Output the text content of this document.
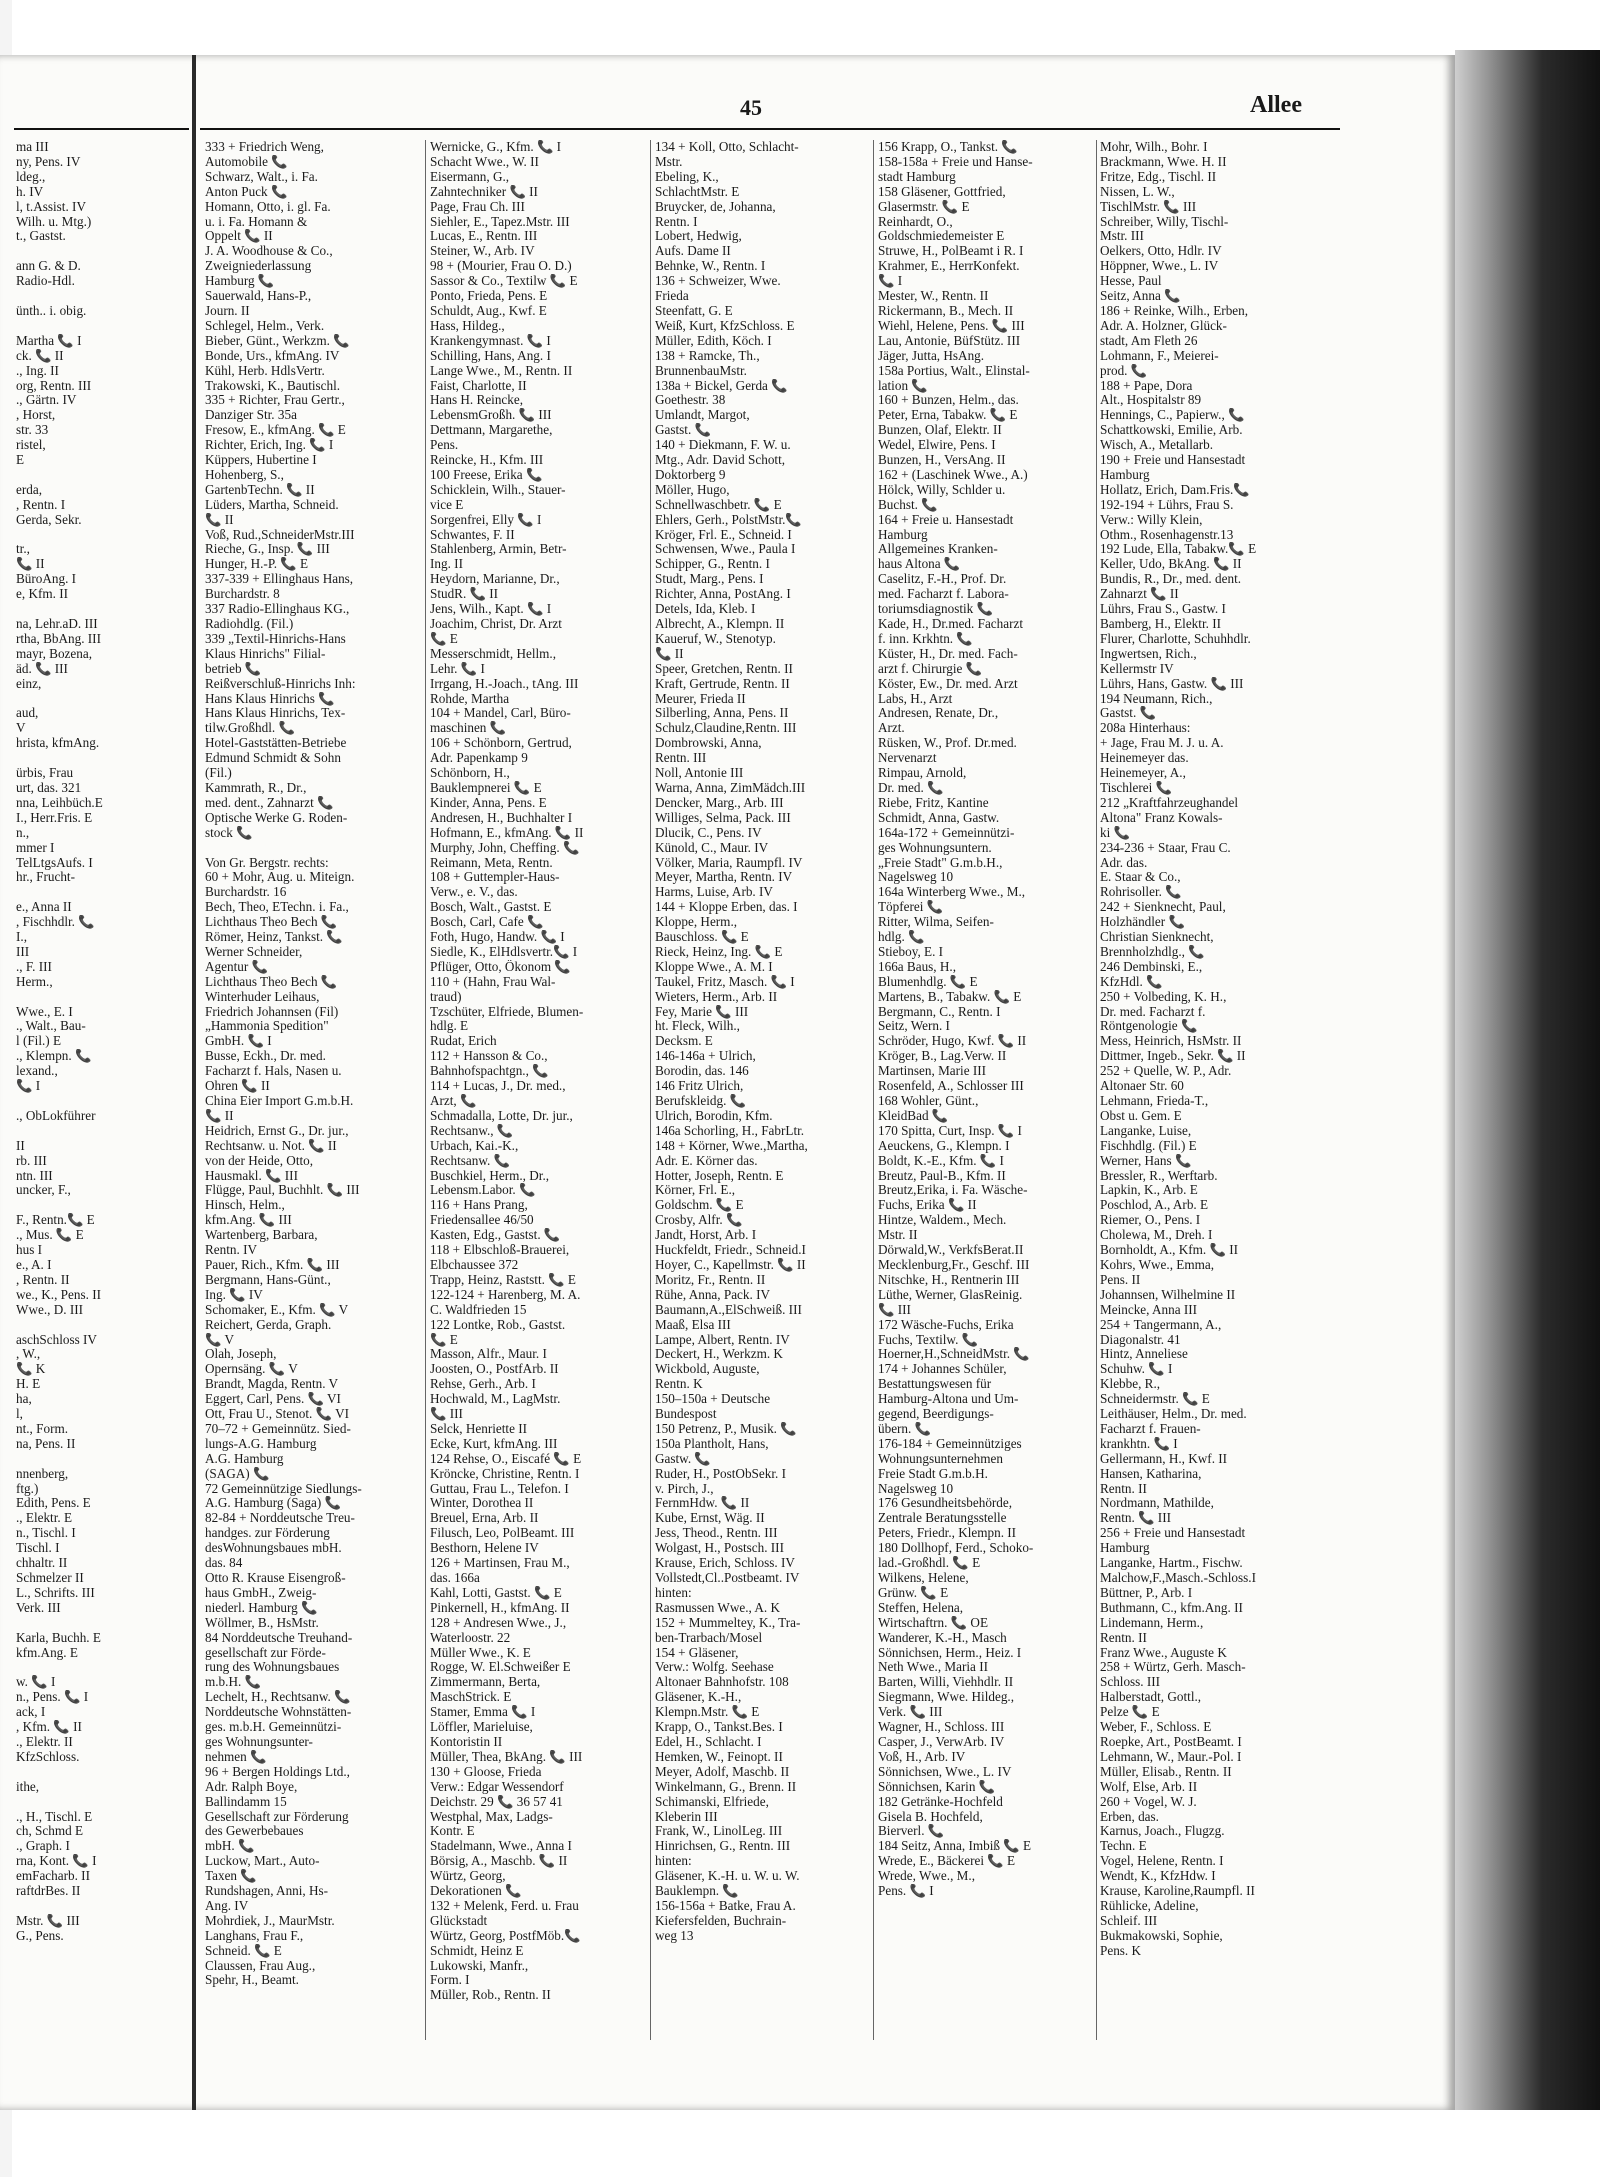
45	Allee

ma III

ny, Pens. IV

ldeg.,

h. IV

l, t.Assist. IV

Wilh. u. Mtg.)

t., Gastst.

ann G. & D.

Radio-Hdl.

ünth.. i. obig.

Martha 📞 I

ck. 📞 II

., Ing. II

org, Rentn. III

., Gärtn. IV

, Horst,

str. 33

ristel,

E

erda,

, Rentn. I

Gerda, Sekr.

tr.,

📞 II

BüroAng. I

e, Kfm. II

na, Lehr.aD. III

rtha, BbAng. III

mayr, Bozena,

äd. 📞 III

einz,

aud,

V

hrista, kfmAng.

ürbis, Frau

urt, das. 321

nna, Leihbüch.E

I., Herr.Fris. E

n.,

mmer I

TelLtgsAufs. I

hr., Frucht-

e., Anna II

, Fischhdlr. 📞

I.,

III

., F. III

Herm.,

Wwe., E. I

., Walt., Bau-

l (Fil.) E

., Klempn. 📞

lexand.,

📞 I

., ObLokführer

II

rb. III

ntn. III

uncker, F.,

F., Rentn.📞 E

., Mus. 📞 E

hus I

e., A. I

, Rentn. II

we., K., Pens. II

Wwe., D. III

aschSchloss IV

, W.,

📞 K

H. E

ha,

l,

nt., Form.

na, Pens. II

nnenberg,

ftg.)

Edith, Pens. E

., Elektr. E

n., Tischl. I

Tischl. I

chhaltr. II

Schmelzer II

L., Schrifts. III

Verk. III

Karla, Buchh. E

kfm.Ang. E

w. 📞 I

n., Pens. 📞 I

ack, I

, Kfm. 📞 II

., Elektr. II

KfzSchloss.

ithe,

., H., Tischl. E

ch, Schmd E

., Graph. I

rna, Kont. 📞 I

emFacharb. II

raftdrBes. II

Mstr. 📞 III

G., Pens.

333 + Friedrich Weng,

Automobile 📞

Schwarz, Walt., i. Fa.

Anton Puck 📞

Homann, Otto, i. gl. Fa.

u. i. Fa. Homann &

Oppelt 📞 II

J. A. Woodhouse & Co.,

Zweigniederlassung

Hamburg 📞

Sauerwald, Hans-P.,

Journ. II

Schlegel, Helm., Verk.

Bieber, Günt., Werkzm. 📞

Bonde, Urs., kfmAng. IV

Kühl, Herb. HdlsVertr.

Trakowski, K., Bautischl.

335 + Richter, Frau Gertr.,

Danziger Str. 35a

Fresow, E., kfmAng. 📞 E

Richter, Erich, Ing. 📞 I

Küppers, Hubertine I

Hohenberg, S.,

GartenbTechn. 📞 II

Lüders, Martha, Schneid.

📞 II

Voß, Rud.,SchneiderMstr.III

Rieche, G., Insp. 📞 III

Hunger, H.-P. 📞 E

337-339 + Ellinghaus Hans,

Burchardstr. 8

337 Radio-Ellinghaus KG.,

Radiohdlg. (Fil.)

339 „Textil-Hinrichs-Hans

Klaus Hinrichs" Filial-

betrieb 📞

Reißverschluß-Hinrichs Inh:

Hans Klaus Hinrichs 📞

Hans Klaus Hinrichs, Tex-

tilw.Großhdl. 📞

Hotel-Gaststätten-Betriebe

Edmund Schmidt & Sohn

(Fil.)

Kammrath, R., Dr.,

med. dent., Zahnarzt 📞

Optische Werke G. Roden-

stock 📞

Von Gr. Bergstr. rechts:

60 + Mohr, Aug. u. Miteign.

Burchardstr. 16

Bech, Theo, ETechn. i. Fa.,

Lichthaus Theo Bech 📞

Römer, Heinz, Tankst. 📞

Werner Schneider,

Agentur 📞

Lichthaus Theo Bech 📞

Winterhuder Leihaus,

Friedrich Johannsen (Fil)

„Hammonia Spedition"

GmbH. 📞 I

Busse, Eckh., Dr. med.

Facharzt f. Hals, Nasen u.

Ohren 📞 II

China Eier Import G.m.b.H.

📞 II

Heidrich, Ernst G., Dr. jur.,

Rechtsanw. u. Not. 📞 II

von der Heide, Otto,

Hausmakl. 📞 III

Flügge, Paul, Buchhlt. 📞 III

Hinsch, Helm.,

kfm.Ang. 📞 III

Wartenberg, Barbara,

Rentn. IV

Pauer, Rich., Kfm. 📞 III

Bergmann, Hans-Günt.,

Ing. 📞 IV

Schomaker, E., Kfm. 📞 V

Reichert, Gerda, Graph.

📞 V

Olah, Joseph,

Opernsäng. 📞 V

Brandt, Magda, Rentn. V

Eggert, Carl, Pens. 📞 VI

Ott, Frau U., Stenot. 📞 VI

70–72 + Gemeinnütz. Sied-

lungs-A.G. Hamburg

A.G. Hamburg

(SAGA) 📞

72 Gemeinnützige Siedlungs-

A.G. Hamburg (Saga) 📞

82-84 + Norddeutsche Treu-

handges. zur Förderung

desWohnungsbaues mbH.

das. 84

Otto R. Krause Eisengroß-

haus GmbH., Zweig-

niederl. Hamburg 📞

Wöllmer, B., HsMstr.

84 Norddeutsche Treuhand-

gesellschaft zur Förde-

rung des Wohnungsbaues

m.b.H. 📞

Lechelt, H., Rechtsanw. 📞

Norddeutsche Wohnstätten-

ges. m.b.H. Gemeinnützi-

ges Wohnungsunter-

nehmen 📞

96 + Bergen Holdings Ltd.,

Adr. Ralph Boye,

Ballindamm 15

Gesellschaft zur Förderung

des Gewerbebaues

mbH. 📞

Luckow, Mart., Auto-

Taxen 📞

Rundshagen, Anni, Hs-

Ang. IV

Mohrdiek, J., MaurMstr.

Langhans, Frau F.,

Schneid. 📞 E

Claussen, Frau Aug.,

Spehr, H., Beamt.

Wernicke, G., Kfm. 📞 I

Schacht Wwe., W. II

Eisermann, G.,

Zahntechniker 📞 II

Page, Frau Ch. III

Siehler, E., Tapez.Mstr. III

Lucas, E., Rentn. III

Steiner, W., Arb. IV

98 + (Mourier, Frau O. D.)

Sassor & Co., Textilw 📞 E

Ponto, Frieda, Pens. E

Schuldt, Aug., Kwf. E

Hass, Hildeg.,

Krankengymnast. 📞 I

Schilling, Hans, Ang. I

Lange Wwe., M., Rentn. II

Faist, Charlotte, II

Hans H. Reincke,

LebensmGroßh. 📞 III

Dettmann, Margarethe,

Pens.

Reincke, H., Kfm. III

100 Freese, Erika 📞

Schicklein, Wilh., Stauer-

vice E

Sorgenfrei, Elly 📞 I

Schwantes, F. II

Stahlenberg, Armin, Betr-

Ing. II

Heydorn, Marianne, Dr.,

StudR. 📞 II

Jens, Wilh., Kapt. 📞 I

Joachim, Christ, Dr. Arzt

📞 E

Messerschmidt, Hellm.,

Lehr. 📞 I

Irrgang, H.-Joach., tAng. III

Rohde, Martha

104 + Mandel, Carl, Büro-

maschinen 📞

106 + Schönborn, Gertrud,

Adr. Papenkamp 9

Schönborn, H.,

Bauklempnerei 📞 E

Kinder, Anna, Pens. E

Andresen, H., Buchhalter I

Hofmann, E., kfmAng. 📞 II

Murphy, John, Cheffing. 📞

Reimann, Meta, Rentn.

108 + Guttempler-Haus-

Verw., e. V., das.

Bosch, Walt., Gastst. E

Bosch, Carl, Cafe 📞

Foth, Hugo, Handw. 📞 I

Siedle, K., ElHdlsvertr.📞 I

Pflüger, Otto, Ökonom 📞

110 + (Hahn, Frau Wal-

traud)

Tzschüter, Elfriede, Blumen-

hdlg. E

Rudat, Erich

112 + Hansson & Co.,

Bahnhofspachtgn., 📞

114 + Lucas, J., Dr. med.,

Arzt, 📞

Schmadalla, Lotte, Dr. jur.,

Rechtsanw., 📞

Urbach, Kai.-K.,

Rechtsanw. 📞

Buschkiel, Herm., Dr.,

Lebensm.Labor. 📞

116 + Hans Prang,

Friedensallee 46/50

Kasten, Edg., Gastst. 📞

118 + Elbschloß-Brauerei,

Elbchaussee 372

Trapp, Heinz, Raststt. 📞 E

122-124 + Harenberg, M. A.

C. Waldfrieden 15

122 Lontke, Rob., Gastst.

📞 E

Masson, Alfr., Maur. I

Joosten, O., PostfArb. II

Rehse, Gerh., Arb. I

Hochwald, M., LagMstr.

📞 III

Selck, Henriette II

Ecke, Kurt, kfmAng. III

124 Rehse, O., Eiscafé 📞 E

Kröncke, Christine, Rentn. I

Guttau, Frau L., Telefon. I

Winter, Dorothea II

Breuel, Erna, Arb. II

Filusch, Leo, PolBeamt. III

Besthorn, Helene IV

126 + Martinsen, Frau M.,

das. 166a

Kahl, Lotti, Gastst. 📞 E

Pinkernell, H., kfmAng. II

128 + Andresen Wwe., J.,

Waterloostr. 22

Müller Wwe., K. E

Rogge, W. El.Schweißer E

Zimmermann, Berta,

MaschStrick. E

Stamer, Emma 📞 I

Löffler, Marieluise,

Kontoristin II

Müller, Thea, BkAng. 📞 III

130 + Gloose, Frieda

Verw.: Edgar Wessendorf

Deichstr. 29 📞 36 57 41

Westphal, Max, Ladgs-

Kontr. E

Stadelmann, Wwe., Anna I

Börsig, A., Maschb. 📞 II

Würtz, Georg,

Dekorationen 📞

132 + Melenk, Ferd. u. Frau

Glückstadt

Würtz, Georg, PostfMöb.📞

Schmidt, Heinz E

Lukowski, Manfr.,

Form. I

Müller, Rob., Rentn. II

134 + Koll, Otto, Schlacht-

Mstr.

Ebeling, K.,

SchlachtMstr. E

Bruycker, de, Johanna,

Rentn. I

Lobert, Hedwig,

Aufs. Dame II

Behnke, W., Rentn. I

136 + Schweizer, Wwe.

Frieda

Steenfatt, G. E

Weiß, Kurt, KfzSchloss. E

Müller, Edith, Köch. I

138 + Ramcke, Th.,

BrunnenbauMstr.

138a + Bickel, Gerda 📞

Goethestr. 38

Umlandt, Margot,

Gastst. 📞

140 + Diekmann, F. W. u.

Mtg., Adr. David Schott,

Doktorberg 9

Möller, Hugo,

Schnellwaschbetr. 📞 E

Ehlers, Gerh., PolstMstr.📞

Kröger, Frl. E., Schneid. I

Schwensen, Wwe., Paula I

Schipper, G., Rentn. I

Studt, Marg., Pens. I

Richter, Anna, PostAng. I

Detels, Ida, Kleb. I

Albrecht, A., Klempn. II

Kaueruf, W., Stenotyp.

📞 II

Speer, Gretchen, Rentn. II

Kraft, Gertrude, Rentn. II

Meurer, Frieda II

Silberling, Anna, Pens. II

Schulz,Claudine,Rentn. III

Dombrowski, Anna,

Rentn. III

Noll, Antonie III

Warna, Anna, ZimMädch.III

Dencker, Marg., Arb. III

Williges, Selma, Pack. III

Dlucik, C., Pens. IV

Künold, C., Maur. IV

Völker, Maria, Raumpfl. IV

Meyer, Martha, Rentn. IV

Harms, Luise, Arb. IV

144 + Kloppe Erben, das. I

Kloppe, Herm.,

Bauschloss. 📞 E

Rieck, Heinz, Ing. 📞 E

Kloppe Wwe., A. M. I

Taukel, Fritz, Masch. 📞 I

Wieters, Herm., Arb. II

Fey, Marie 📞 III

ht. Fleck, Wilh.,

Decksm. E

146-146a + Ulrich,

Borodin, das. 146

146 Fritz Ulrich,

Berufskleidg. 📞

Ulrich, Borodin, Kfm.

146a Schorling, H., FabrLtr.

148 + Körner, Wwe.,Martha,

Adr. E. Körner das.

Hotter, Joseph, Rentn. E

Körner, Frl. E.,

Goldschm. 📞 E

Crosby, Alfr. 📞

Jandt, Horst, Arb. I

Huckfeldt, Friedr., Schneid.I

Hoyer, C., Kapellmstr. 📞 II

Moritz, Fr., Rentn. II

Rühe, Anna, Pack. IV

Baumann,A.,ElSchweiß. III

Maaß, Elsa III

Lampe, Albert, Rentn. IV

Deckert, H., Werkzm. K

Wickbold, Auguste,

Rentn. K

150–150a + Deutsche

Bundespost

150 Petrenz, P., Musik. 📞

150a Plantholt, Hans,

Gastw. 📞

Ruder, H., PostObSekr. I

v. Pirch, J.,

FernmHdw. 📞 II

Kube, Ernst, Wäg. II

Jess, Theod., Rentn. III

Wolgast, H., Postsch. III

Krause, Erich, Schloss. IV

Vollstedt,Cl..Postbeamt. IV

hinten:

Rasmussen Wwe., A. K

152 + Mummeltey, K., Tra-

ben-Trarbach/Mosel

154 + Gläsener,

Verw.: Wolfg. Seehase

Altonaer Bahnhofstr. 108

Gläsener, K.-H.,

Klempn.Mstr. 📞 E

Krapp, O., Tankst.Bes. I

Edel, H., Schlacht. I

Hemken, W., Feinopt. II

Meyer, Adolf, Maschb. II

Winkelmann, G., Brenn. II

Schimanski, Elfriede,

Kleberin III

Frank, W., LinolLeg. III

Hinrichsen, G., Rentn. III

hinten:

Gläsener, K.-H. u. W. u. W.

Bauklempn. 📞

156-156a + Batke, Frau A.

Kiefersfelden, Buchrain-

weg 13

156 Krapp, O., Tankst. 📞

158-158a + Freie und Hanse-

stadt Hamburg

158 Gläsener, Gottfried,

Glasermstr. 📞 E

Reinhardt, O.,

Goldschmiedemeister E

Struwe, H., PolBeamt i R. I

Krahmer, E., HerrKonfekt.

📞 I

Mester, W., Rentn. II

Rickermann, B., Mech. II

Wiehl, Helene, Pens. 📞 III

Lau, Antonie, BüfStütz. III

Jäger, Jutta, HsAng.

158a Portius, Walt., Elinstal-

lation 📞

160 + Bunzen, Helm., das.

Peter, Erna, Tabakw. 📞 E

Bunzen, Olaf, Elektr. II

Wedel, Elwire, Pens. I

Bunzen, H., VersAng. II

162 + (Laschinek Wwe., A.)

Hölck, Willy, Schlder u.

Buchst. 📞

164 + Freie u. Hansestadt

Hamburg

Allgemeines Kranken-

haus Altona 📞

Caselitz, F.-H., Prof. Dr.

med. Facharzt f. Labora-

toriumsdiagnostik 📞

Kade, H., Dr.med. Facharzt

f. inn. Krkhtn. 📞

Küster, H., Dr. med. Fach-

arzt f. Chirurgie 📞

Köster, Ew., Dr. med. Arzt

Labs, H., Arzt

Andresen, Renate, Dr.,

Arzt.

Rüsken, W., Prof. Dr.med.

Nervenarzt

Rimpau, Arnold,

Dr. med. 📞

Riebe, Fritz, Kantine

Schmidt, Anna, Gastw.

164a-172 + Gemeinnützi-

ges Wohnungsuntern.

„Freie Stadt" G.m.b.H.,

Nagelsweg 10

164a Winterberg Wwe., M.,

Töpferei 📞

Ritter, Wilma, Seifen-

hdlg. 📞

Stieboy, E. I

166a Baus, H.,

Blumenhdlg. 📞 E

Martens, B., Tabakw. 📞 E

Bergmann, C., Rentn. I

Seitz, Wern. I

Schröder, Hugo, Kwf. 📞 II

Kröger, B., Lag.Verw. II

Martinsen, Marie III

Rosenfeld, A., Schlosser III

168 Wohler, Günt.,

KleidBad 📞

170 Spitta, Curt, Insp. 📞 I

Aeuckens, G., Klempn. I

Boldt, K.-E., Kfm. 📞 I

Breutz, Paul-B., Kfm. II

Breutz,Erika, i. Fa. Wäsche-

Fuchs, Erika 📞 II

Hintze, Waldem., Mech.

Mstr. II

Dörwald,W., VerkfsBerat.II

Mecklenburg,Fr., Geschf. III

Nitschke, H., Rentnerin III

Lüthe, Werner, GlasReinig.

📞 III

172 Wäsche-Fuchs, Erika

Fuchs, Textilw. 📞

Hoerner,H.,SchneidMstr. 📞

174 + Johannes Schüler,

Bestattungswesen für

Hamburg-Altona und Um-

gegend, Beerdigungs-

übern. 📞

176-184 + Gemeinnütziges

Wohnungsunternehmen

Freie Stadt G.m.b.H.

Nagelsweg 10

176 Gesundheitsbehörde,

Zentrale Beratungsstelle

Peters, Friedr., Klempn. II

180 Dollhopf, Ferd., Schoko-

lad.-Großhdl. 📞 E

Wilkens, Helene,

Grünw. 📞 E

Steffen, Helena,

Wirtschaftrn. 📞 OE

Wanderer, K.-H., Masch

Sönnichsen, Herm., Heiz. I

Neth Wwe., Maria II

Barten, Willi, Viehhdlr. II

Siegmann, Wwe. Hildeg.,

Verk. 📞 III

Wagner, H., Schloss. III

Casper, J., VerwArb. IV

Voß, H., Arb. IV

Sönnichsen, Wwe., L. IV

Sönnichsen, Karin 📞

182 Getränke-Hochfeld

Gisela B. Hochfeld,

Bierverl. 📞

184 Seitz, Anna, Imbiß 📞 E

Wrede, E., Bäckerei 📞 E

Wrede, Wwe., M.,

Pens. 📞 I

Mohr, Wilh., Bohr. I

Brackmann, Wwe. H. II

Fritze, Edg., Tischl. II

Nissen, L. W.,

TischlMstr. 📞 III

Schreiber, Willy, Tischl-

Mstr. III

Oelkers, Otto, Hdlr. IV

Höppner, Wwe., L. IV

Hesse, Paul

Seitz, Anna 📞

186 + Reinke, Wilh., Erben,

Adr. A. Holzner, Glück-

stadt, Am Fleth 26

Lohmann, F., Meierei-

prod. 📞

188 + Pape, Dora

Alt., Hospitalstr 89

Hennings, C., Papierw., 📞

Schattkowski, Emilie, Arb.

Wisch, A., Metallarb.

190 + Freie und Hansestadt

Hamburg

Hollatz, Erich, Dam.Fris.📞

192-194 + Lührs, Frau S.

Verw.: Willy Klein,

Othm., Rosenhagenstr.13

192 Lude, Ella, Tabakw.📞 E

Keller, Udo, BkAng. 📞 II

Bundis, R., Dr., med. dent.

Zahnarzt 📞 II

Lührs, Frau S., Gastw. I

Bamberg, H., Elektr. II

Flurer, Charlotte, Schuhhdlr.

Ingwertsen, Rich.,

Kellermstr IV

Lührs, Hans, Gastw. 📞 III

194 Neumann, Rich.,

Gastst. 📞

208a Hinterhaus:

+ Jage, Frau M. J. u. A.

Heinemeyer das.

Heinemeyer, A.,

Tischlerei 📞

212 „Kraftfahrzeughandel

Altona" Franz Kowals-

ki 📞

234-236 + Staar, Frau C.

Adr. das.

E. Staar & Co.,

Rohrisoller. 📞

242 + Sienknecht, Paul,

Holzhändler 📞

Christian Sienknecht,

Brennholzhdlg., 📞

246 Dembinski, E.,

KfzHdl. 📞

250 + Volbeding, K. H.,

Dr. med. Facharzt f.

Röntgenologie 📞

Mess, Heinrich, HsMstr. II

Dittmer, Ingeb., Sekr. 📞 II

252 + Quelle, W. P., Adr.

Altonaer Str. 60

Lehmann, Frieda-T.,

Obst u. Gem. E

Langanke, Luise,

Fischhdlg. (Fil.) E

Werner, Hans 📞

Bressler, R., Werftarb.

Lapkin, K., Arb. E

Poschlod, A., Arb. E

Riemer, O., Pens. I

Cholewa, M., Dreh. I

Bornholdt, A., Kfm. 📞 II

Kohrs, Wwe., Emma,

Pens. II

Johannsen, Wilhelmine II

Meincke, Anna III

254 + Tangermann, A.,

Diagonalstr. 41

Hintz, Anneliese

Schuhw. 📞 I

Klebbe, R.,

Schneidermstr. 📞 E

Leithäuser, Helm., Dr. med.

Facharzt f. Frauen-

krankhtn. 📞 I

Gellermann, H., Kwf. II

Hansen, Katharina,

Rentn. II

Nordmann, Mathilde,

Rentn. 📞 III

256 + Freie und Hansestadt

Hamburg

Langanke, Hartm., Fischw.

Malchow,F.,Masch.-Schloss.I

Büttner, P., Arb. I

Buthmann, C., kfm.Ang. II

Lindemann, Herm.,

Rentn. II

Franz Wwe., Auguste K

258 + Würtz, Gerh. Masch-

Schloss. III

Halberstadt, Gottl.,

Pelze 📞 E

Weber, F., Schloss. E

Roepke, Art., PostBeamt. I

Lehmann, W., Maur.-Pol. I

Müller, Elisab., Rentn. II

Wolf, Else, Arb. II

260 + Vogel, W. J.

Erben, das.

Karnus, Joach., Flugzg.

Techn. E

Vogel, Helene, Rentn. I

Wendt, K., KfzHdw. I

Krause, Karoline,Raumpfl. II

Rühlicke, Adeline,

Schleif. III

Bukmakowski, Sophie,

Pens. K
